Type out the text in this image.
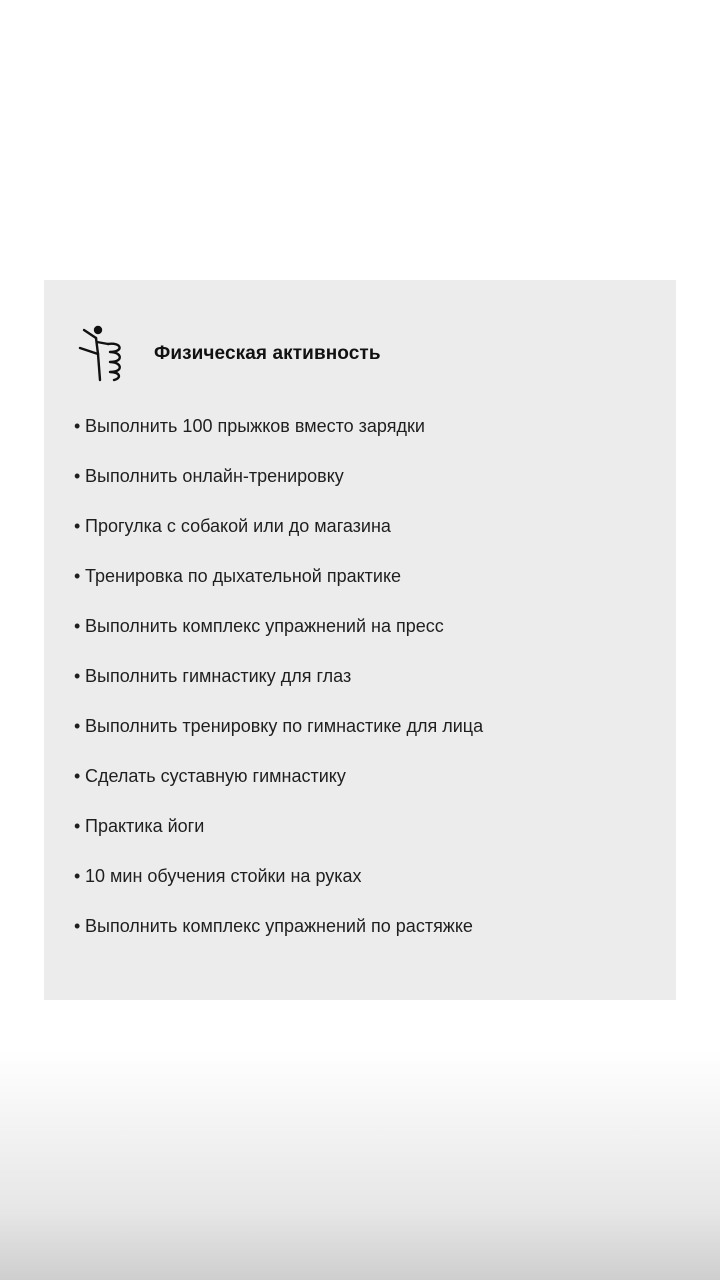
Физическая активность
• Выполнить 100 прыжков вместо зарядки
• Выполнить онлайн-тренировку
• Прогулка с собакой или до магазина
• Тренировка по дыхательной практике
• Выполнить комплекс упражнений на пресс
• Выполнить гимнастику для глаз
• Выполнить тренировку по гимнастике для лица
• Сделать суставную гимнастику
• Практика йоги
• 10 мин обучения стойки на руках
• Выполнить комплекс упражнений по растяжке
